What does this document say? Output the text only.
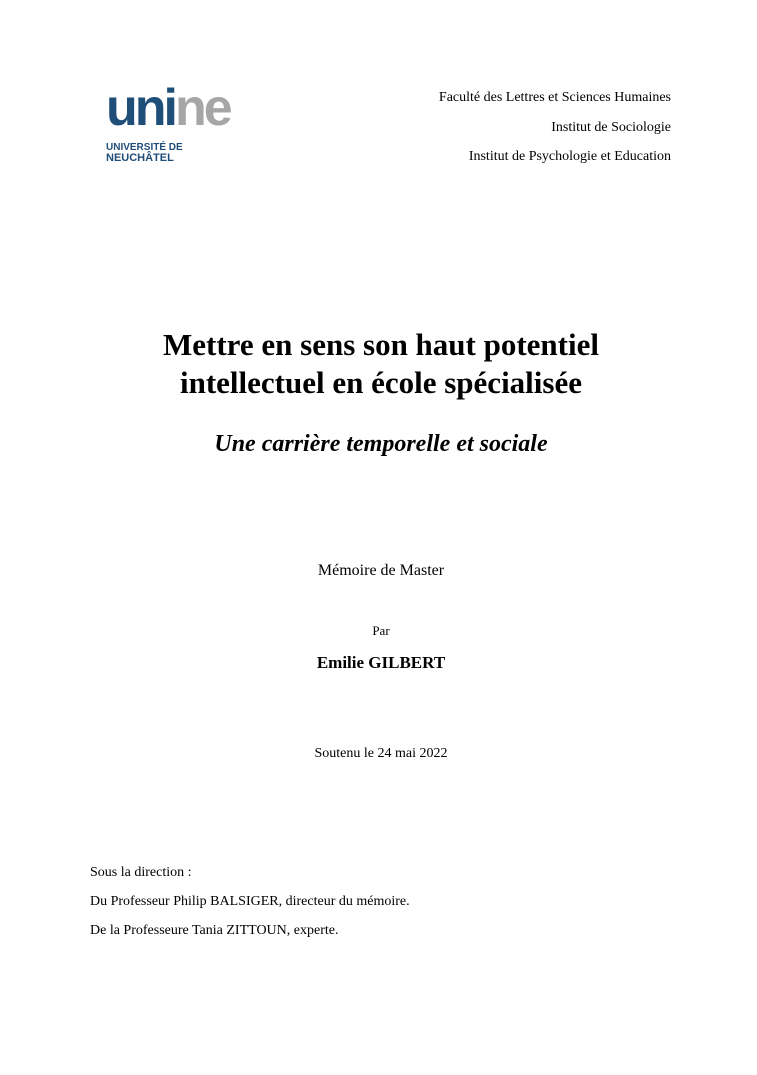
unine
UNIVERSITÉ DE
NEUCHÂTEL
Faculté des Lettres et Sciences Humaines
Institut de Sociologie
Institut de Psychologie et Education
Mettre en sens son haut potentiel
intellectuel en école spécialisée
Une carrière temporelle et sociale
Mémoire de Master
Par
Emilie GILBERT
Soutenu le 24 mai 2022
Sous la direction :
Du Professeur Philip BALSIGER, directeur du mémoire.
De la Professeure Tania ZITTOUN, experte.
